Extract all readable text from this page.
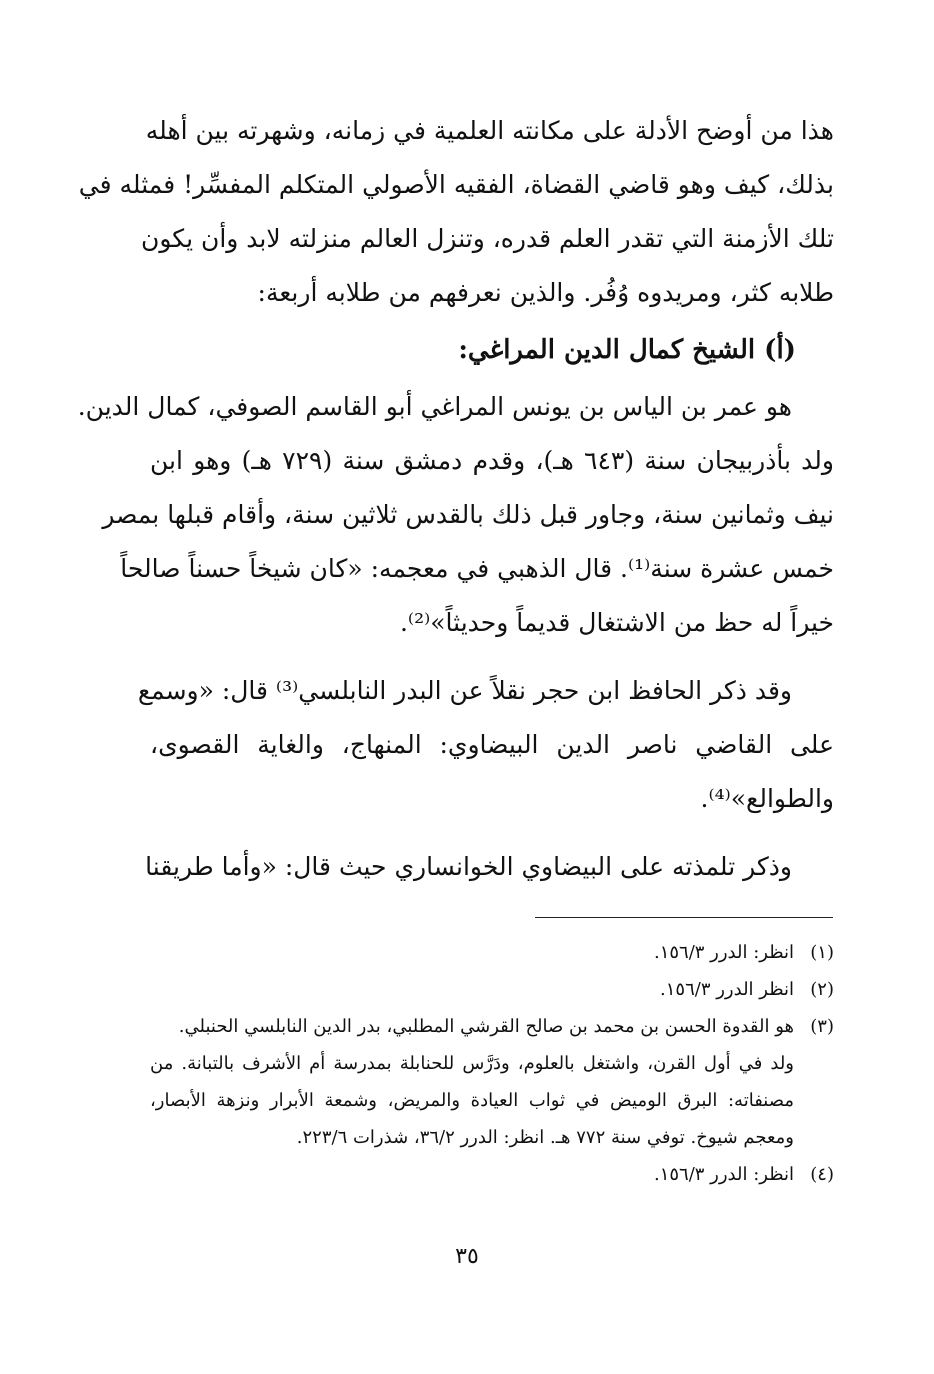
هذا من أوضح الأدلة على مكانته العلمية في زمانه، وشهرته بين أهله
بذلك، كيف وهو قاضي القضاة، الفقيه الأصولي المتكلم المفسِّر! فمثله في
تلك الأزمنة التي تقدر العلم قدره، وتنزل العالم منزلته لابد وأن يكون
طلابه كثر، ومريدوه وُفُر. والذين نعرفهم من طلابه أربعة:
(أ) الشيخ كمال الدين المراغي:
هو عمر بن الياس بن يونس المراغي أبو القاسم الصوفي، كمال الدين.
ولد بأذربيجان سنة (٦٤٣ هـ)، وقدم دمشق سنة (٧٢٩ هـ) وهو ابن
نيف وثمانين سنة، وجاور قبل ذلك بالقدس ثلاثين سنة، وأقام قبلها بمصر
خمس عشرة سنة⁽¹⁾. قال الذهبي في معجمه: «كان شيخاً حسناً صالحاً
خيراً له حظ من الاشتغال قديماً وحديثاً»⁽²⁾.
وقد ذكر الحافظ ابن حجر نقلاً عن البدر النابلسي⁽³⁾ قال: «وسمع
على القاضي ناصر الدين البيضاوي: المنهاج، والغاية القصوى،
والطوالع»⁽⁴⁾.
وذكر تلمذته على البيضاوي الخوانساري حيث قال: «وأما طريقنا
(١)انظر: الدرر ١٥٦/٣.
(٢)انظر الدرر ١٥٦/٣.
(٣)هو القدوة الحسن بن محمد بن صالح القرشي المطلبي، بدر الدين النابلسي الحنبلي.
ولد في أول القرن، واشتغل بالعلوم، ودَرَّس للحنابلة بمدرسة أم الأشرف بالتبانة. من
مصنفاته: البرق الوميض في ثواب العيادة والمريض، وشمعة الأبرار ونزهة الأبصار،
ومعجم شيوخ. توفي سنة ٧٧٢ هـ. انظر: الدرر ٣٦/٢، شذرات ٢٢٣/٦.
(٤)انظر: الدرر ١٥٦/٣.
٣٥
